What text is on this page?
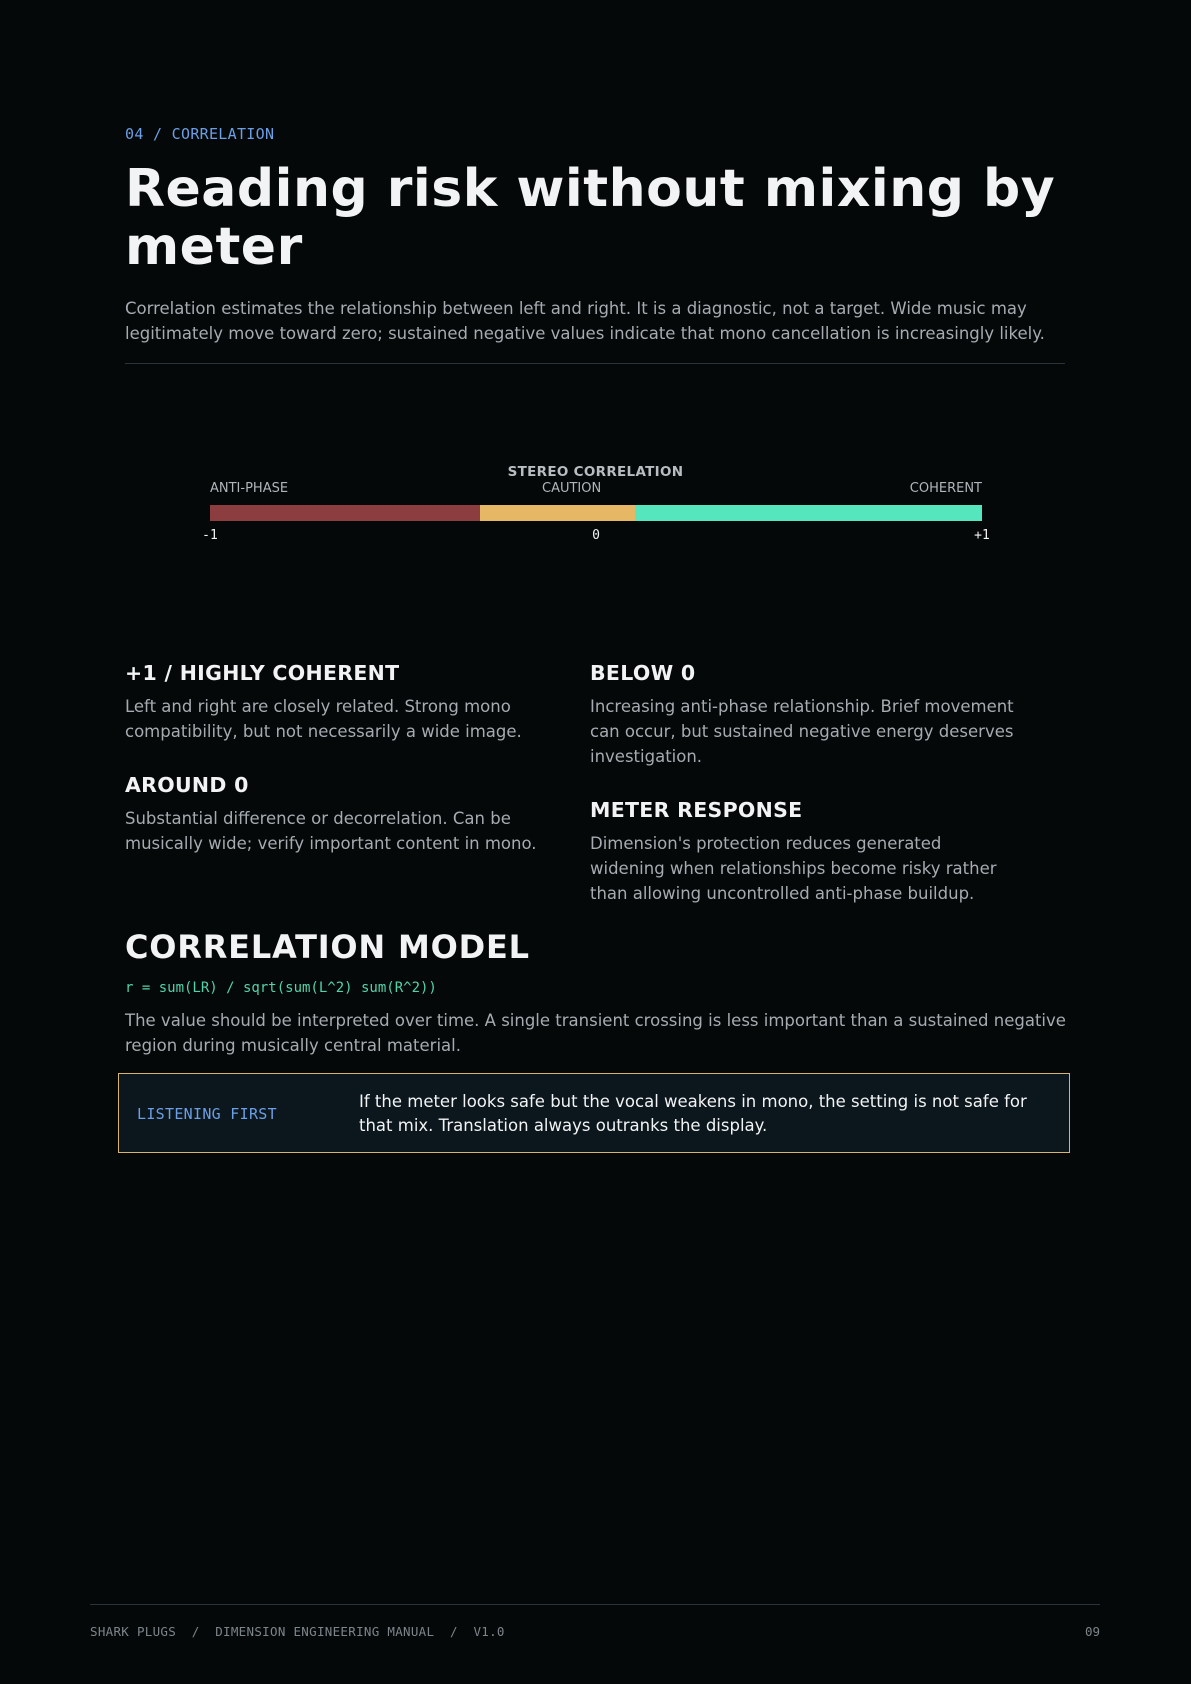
04 / CORRELATION
Reading risk without mixing by meter

Correlation estimates the relationship between left and right. It is a diagnostic, not a target. Wide music may legitimately move toward zero; sustained negative values indicate that mono cancellation is increasingly likely.

STEREO CORRELATION
ANTI-PHASE	CAUTION	COHERENT
-1	0	+1
+1 / HIGHLY COHERENT

Left and right are closely related. Strong mono compatibility, but not necessarily a wide image.

AROUND 0

Substantial difference or decorrelation. Can be musically wide; verify important content in mono.

BELOW 0

Increasing anti-phase relationship. Brief movement can occur, but sustained negative energy deserves investigation.

METER RESPONSE

Dimension's protection reduces generated widening when relationships become risky rather than allowing uncontrolled anti-phase buildup.

CORRELATION MODEL
r = sum(LR) / sqrt(sum(L^2) sum(R^2))

The value should be interpreted over time. A single transient crossing is less important than a sustained negative region during musically central material.

LISTENING FIRST

If the meter looks safe but the vocal weakens in mono, the setting is not safe for that mix. Translation always outranks the display.

SHARK PLUGS  /  DIMENSION ENGINEERING MANUAL  /  V1.0	09
